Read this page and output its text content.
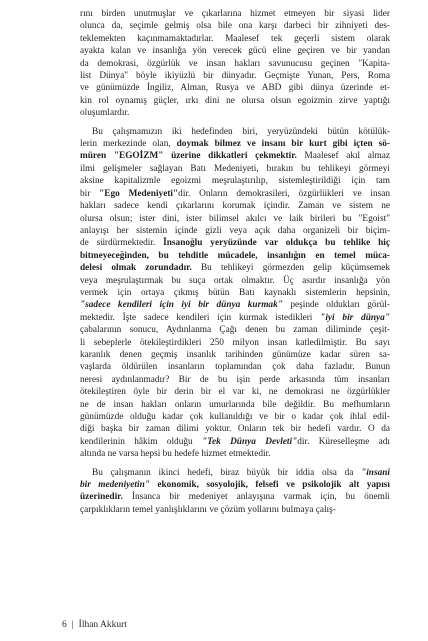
rını birden unutmuşlar ve çıkarlarına hizmet etmeyen bir siyasi lider
olunca da, seçimle gelmiş olsa bile ona karşı darbeci bir zihniyeti des-
teklemekten kaçınmamaktadırlar. Maalesef tek geçerli sistem olarak
ayakta kalan ve insanlığa yön verecek gücü eline geçiren ve bir yandan
da demokrasi, özgürlük ve insan hakları savunucusu geçinen "Kapita-
list Dünya" böyle ikiyüzlü bir dünyadır. Geçmişte Yunan, Pers, Roma
ve günümüzde İngiliz, Alman, Rusya ve ABD gibi dünya üzerinde et-
kin rol oynamış güçler, ırkı dini ne olursa olsun egoizmin zirve yaptığı
oluşumlardır.
Bu çalışmamızın iki hedefinden biri, yeryüzündeki bütün kötülük-
lerin merkezinde olan, doymak bilmez ve insanı bir kurt gibi içten sö-
müren "EGOİZM" üzerine dikkatleri çekmektir. Maalesef akıl almaz
ilmi gelişmeler sağlayan Batı Medeniyeti, bırakın bu tehlikeyi görmeyi
aksine kapitalizmle egoizmi meşrulaştırılıp, sistemleştirildiği için tam
bir "Ego Medeniyeti"dir. Onların demokrasileri, özgürlükleri ve insan
hakları sadece kendi çıkarlarını korumak içindir. Zaman ve sistem ne
olursa olsun; ister dini, ister bilimsel akılcı ve laik birileri bu "Egoist"
anlayışı her sistemin içinde gizli veya açık daha organizeli bir biçim-
de sürdürmektedir. İnsanoğlu yeryüzünde var oldukça bu tehlike hiç
bitmeyeceğinden, bu tehditle mücadele, insanlığın en temel müca-
delesi olmak zorundadır. Bu tehlikeyi görmezden gelip küçümsemek
veya meşrulaştırmak bu suça ortak olmaktır. Üç asırdır insanlığa yön
vermek için ortaya çıkmış bütün Batı kaynaklı sistemlerin hepsinin,
"sadece kendileri için iyi bir dünya kurmak" peşinde oldukları görül-
mektedir. İşte sadece kendileri için kurmak istedikleri "iyi bir dünya"
çabalarının sonucu, Aydınlanma Çağı denen bu zaman diliminde çeşit-
li sebeplerle ötekileştirdikleri 250 milyon insan katledilmiştir. Bu sayı
karanlık denen geçmiş insanlık tarihinden günümüze kadar süren sa-
vaşlarda öldürülen insanların toplamından çok daha fazladır. Bunun
neresi aydınlanmadır? Bir de bu işin perde arkasında tüm insanları
ötekileştiren öyle bir derin bir el var ki, ne demokrasi ne özgürlükler
ne de insan hakları onların umurlarında bile değildir. Bu mefhumların
günümüzde olduğu kadar çok kullanıldığı ve bir o kadar çok ihlal edil-
diği başka bir zaman dilimi yoktur. Onların tek bir hedefi vardır. O da
kendilerinin hâkim olduğu "Tek Dünya Devleti"dir. Küreselleşme adı
altında ne varsa hepsi bu hedefe hizmet etmektedir.
Bu çalışmanın ikinci hedefi, biraz büyük bir iddia olsa da "insanî
bir medeniyetin" ekonomik, sosyolojik, felsefi ve psikolojik alt yapısı
üzerinedir. İnsanca bir medeniyet anlayışına varmak için, bu önemli
çarpıklıkların temel yanlışlıklarını ve çözüm yollarını bulmaya çalış-
6 | İlhan Akkurt
